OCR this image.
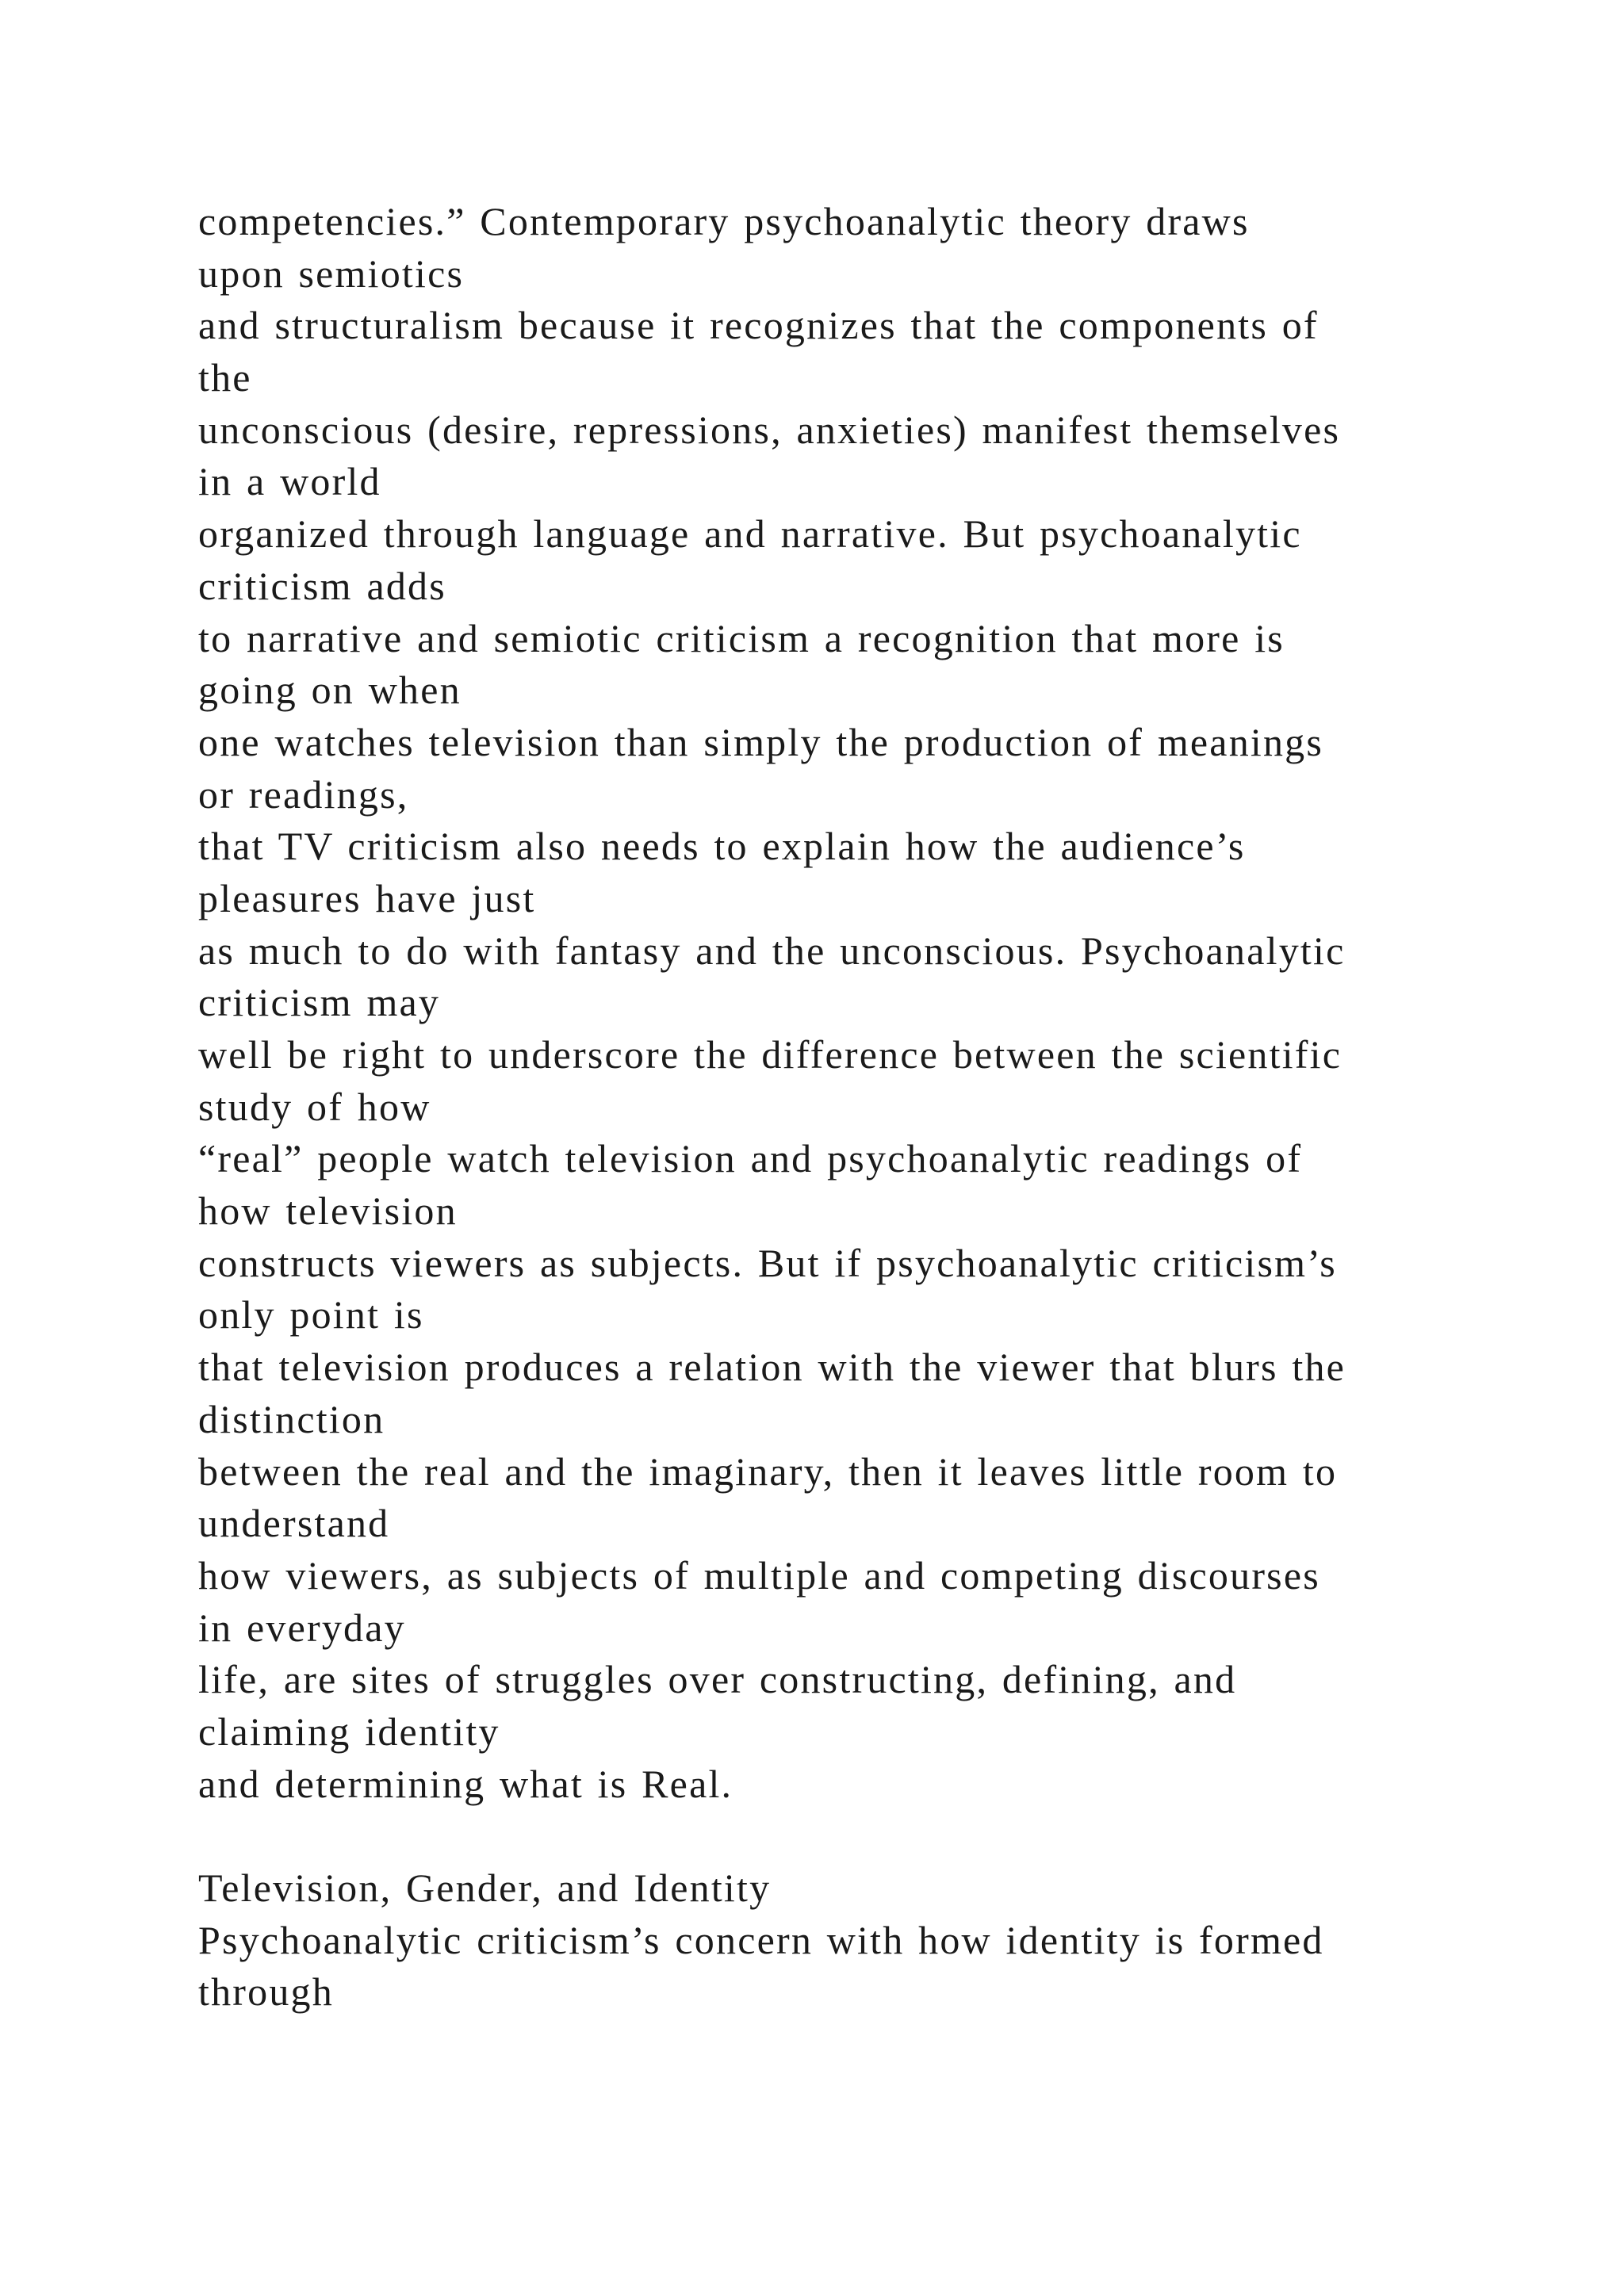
competencies.” Contemporary psychoanalytic theory draws
upon semiotics
and structuralism because it recognizes that the components of
the
unconscious (desire, repressions, anxieties) manifest themselves
in a world
organized through language and narrative. But psychoanalytic
criticism adds
to narrative and semiotic criticism a recognition that more is
going on when
one watches television than simply the production of meanings
or readings,
that TV criticism also needs to explain how the audience’s
pleasures have just
as much to do with fantasy and the unconscious. Psychoanalytic
criticism may
well be right to underscore the difference between the scientific
study of how
“real” people watch television and psychoanalytic readings of
how television
constructs viewers as subjects. But if psychoanalytic criticism’s
only point is
that television produces a relation with the viewer that blurs the
distinction
between the real and the imaginary, then it leaves little room to
understand
how viewers, as subjects of multiple and competing discourses
in everyday
life, are sites of struggles over constructing, defining, and
claiming identity
and determining what is Real.
Television, Gender, and Identity
Psychoanalytic criticism’s concern with how identity is formed
through
